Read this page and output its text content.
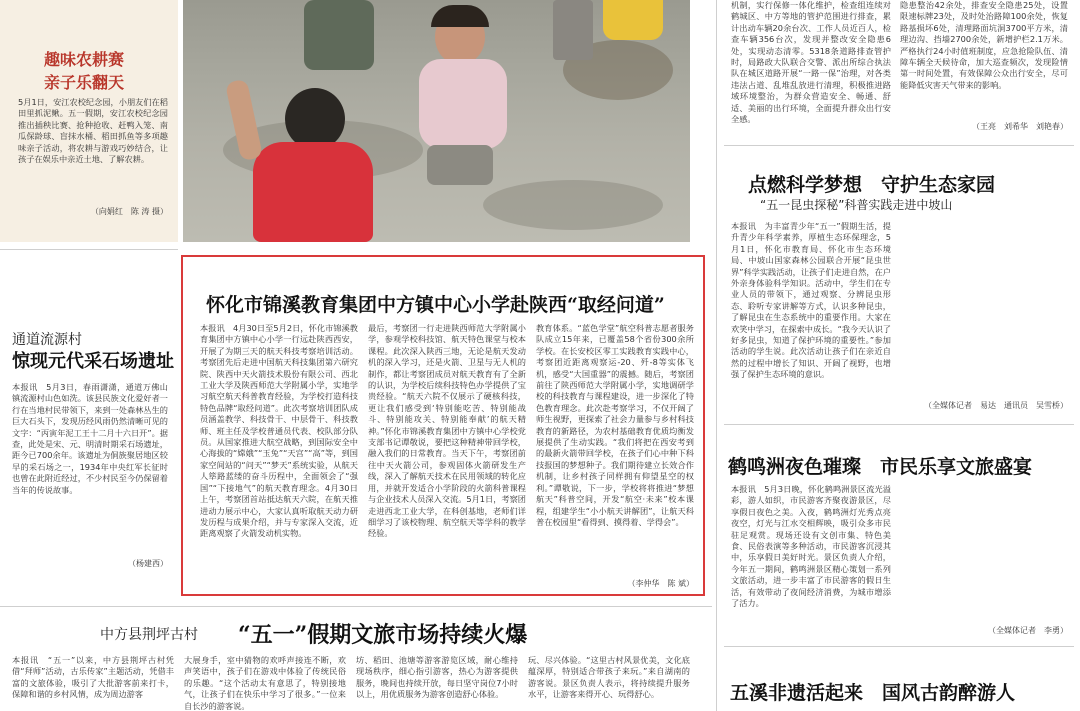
趣味农耕赛
亲子乐翻天
5月1日，安江农校纪念园，小朋友们在稻田里抓泥鳅。五一假期，安江农校纪念园推出插秧比赛、抢种抢收、赶鸭入笼、南瓜保龄球、盲抹水桶、稻田抓鱼等多项趣味亲子活动，将农耕与游戏巧妙结合，让孩子在娱乐中亲近土地、了解农耕。
（向娟红　陈 涛 摄）
通道流源村
惊现元代采石场遗址
本报讯　5月3日，春雨潇潇，通道万佛山镇流源村山色如洗。该县民族文化爱好者一行在当地村民带领下，来到一处森林丛生的巨大石头下，发现历经风雨仍然清晰可见的文字：“丙寅年泥工王十二月十六日开”。据查，此处是宋、元、明清时期采石场遗址，距今已700余年。该遗址为侗族聚居地区较早的采石场之一，1934年中央红军长征时也曾在此附近经过，不少村民至今仍保留着当年的传说故事。
（杨建西）
怀化市锦溪教育集团中方镇中心小学赴陕西“取经问道”
本报讯　4月30日至5月2日，怀化市锦溪教育集团中方镇中心小学一行远赴陕西西安，开展了为期三天的航天科技考察培训活动。考察团先后走进中国航天科技集团第六研究院、陕西中天火箭技术股份有限公司、西北工业大学及陕西师范大学附属小学，实地学习航空航天科普教育经验，为学校打造科技特色品牌“取经问道”。此次考察培训团队成员涵盖教学、科技骨干、中层骨干、科技教师、班主任及学校普通员代表、校队部分队员。从国家推进大航空战略，到国际安全中心海拔的“嫦娥”“玉兔”“天宫”“高”等，到国家空间站的“问天”“梦天”系统实验，从航天人筚路蓝缕的奋斗历程中，全面领会了“强国”“下接地气”的航天教育理念。4月30日上午，考察团首站抵达航天六院，在航天推进动力展示中心，大家认真听取航天动力研发历程与成果介绍，并与专家深入交流，近距离观察了火箭发动机实物。
最后，考察团一行走进陕西师范大学附属小学，参观学校科技馆、航天特色课堂与校本课程。此次深入陕西三地，无论是航天发动机的深入学习，还是火箭、卫星与无人机的制作，都让考察团成员对航天教育有了全新的认识，为学校后续科技特色办学提供了宝贵经验。“航天六院不仅展示了硬核科技，更让我们感受到‘特别能吃苦、特别能战斗、特别能攻关、特别能奉献’的航天精神。”怀化市锦溪教育集团中方镇中心学校党支部书记谭敬说，要把这种精神带回学校，融入我们的日常教育。当天下午，考察团前往中天火箭公司，参观固体火箭研发生产线，深入了解航天技术在民用领域的转化应用，并就开发适合小学阶段的火箭科普课程与企业技术人员深入交流。5月1日，考察团走进西北工业大学，在科创基地，老师们详细学习了该校物理、航空航天等学科的教学经验。
教育体系。“蓝色学堂”航空科普志愿者服务队成立15年来，已覆盖58个省份300余所学校。在长安校区零工实践教育实践中心，考察团近距离观察运-20、歼-8等实体飞机，感受“大国重器”的震撼。随后，考察团前往了陕西师范大学附属小学，实地调研学校的科技教育与课程建设，进一步深化了特色教育理念。此次赴考察学习，不仅开阔了师生视野，更探索了社会力量参与乡村科技教育的新路径，为农村基础教育优质均衡发展提供了生动实践。“我们将把在西安考到的最新火箭带回学校，在孩子们心中种下科技报国的梦想种子。我们期待建立长效合作机制，让乡村孩子同样拥有仰望星空的权利。”谭敬说，下一步，学校将将推进“梦想航天”科普空间，开发“航空·未来”校本课程，组建学生“小小航天讲解团”，让航天科普在校园里“看得到、摸得着、学得会”。
（李仲华　陈 斌）
机制，实行保修一体化维护，检查组连续对鹤城区、中方等地的管护范围进行排查，累计出动车辆20余台次、工作人员近百人，检查车辆356台次，发现并整改安全隐患6处，实现动态清零。5318条道路排查管护时，局路政大队联合交警、派出所综合执法队在城区道路开展“一路一保”治理，对各类违法占道、乱堆乱放进行清理，积极推进路域环境整治，为群众营造安全、畅通、舒适、美丽的出行环境，全面提升群众出行安全感。
隐患整治42余处，排查安全隐患25处，设置限速标牌23处，及时处治路障100余处，恢复路基损坏6处，清理路面坑洞3700平方米，清理边沟、挡墙2700余处，新增护栏2.1万米。严格执行24小时值班制度，应急抢险队伍、清障车辆全天候待命，加大巡查频次，发现险情第一时间处置，有效保障公众出行安全，尽可能降低灾害天气带来的影响。
（王亮　刘希华　刘艳春）
点燃科学梦想　守护生态家园
“五一昆虫探秘”科普实践走进中坡山
本报讯　为丰富青少年“五一”假期生活，提升青少年科学素养，厚植生态环保理念，5月1日，怀化市教育局、怀化市生态环境局、中坡山国家森林公园联合开展“昆虫世界”科学实践活动，让孩子们走进自然，在户外亲身体验科学知识。活动中，学生们在专业人员的带领下，通过观察、分辨昆虫形态、聆听专家讲解等方式，认识多种昆虫，了解昆虫在生态系统中的重要作用。大家在欢笑中学习，在探索中成长。“我今天认识了好多昆虫，知道了保护环境的重要性。”参加活动的学生说。此次活动让孩子们在亲近自然的过程中增长了知识、开阔了视野，也增强了保护生态环境的意识。
（全媒体记者　易达　通讯员　吴雪桥）
鹤鸣洲夜色璀璨　市民乐享文旅盛宴
本报讯　5月3日晚，怀化鹤鸣洲景区流光溢彩，游人如织，市民游客齐聚夜游景区，尽享假日夜色之美。入夜，鹤鸣洲灯光秀点亮夜空，灯光与江水交相辉映，吸引众多市民驻足观赏。现场还设有文创市集、特色美食、民俗表演等多种活动，市民游客沉浸其中，乐享假日美好时光。景区负责人介绍，今年五一期间，鹤鸣洲景区精心策划一系列文旅活动，进一步丰富了市民游客的假日生活，有效带动了夜间经济消费，为城市增添了活力。
（全媒体记者　李勇）
五溪非遗活起来　国风古韵醉游人
中方县荆坪古村 “五一”假期文旅市场持续火爆
本报讯　“五一”以来，中方县荆坪古村凭借“拜师”活动，古乐传家”主题活动，凭借丰富的文旅体验，吸引了大批游客前来打卡，保障和谐的乡村风情，成为周边游客
大展身手，室中猜物的欢呼声接连不断，欢声笑语中，孩子们在游戏中体验了传统民俗的乐趣。“这个活动太有意思了，特别接地气，让孩子们在快乐中学习了很多。”一位来自长沙的游客说。
坊、稻田、池塘等游客游览区域，耐心维持现场秩序，细心指引游客，热心为游客提供服务，晚间也持续开放，每日坚守岗位7小时以上，用优质服务为游客创造舒心体验。
玩、尽兴体验。“这里古村风景优美，文化底蕴深厚，特别适合带孩子来玩。”来自湖南的游客说。景区负责人表示，将持续提升服务水平，让游客来得开心、玩得舒心。
